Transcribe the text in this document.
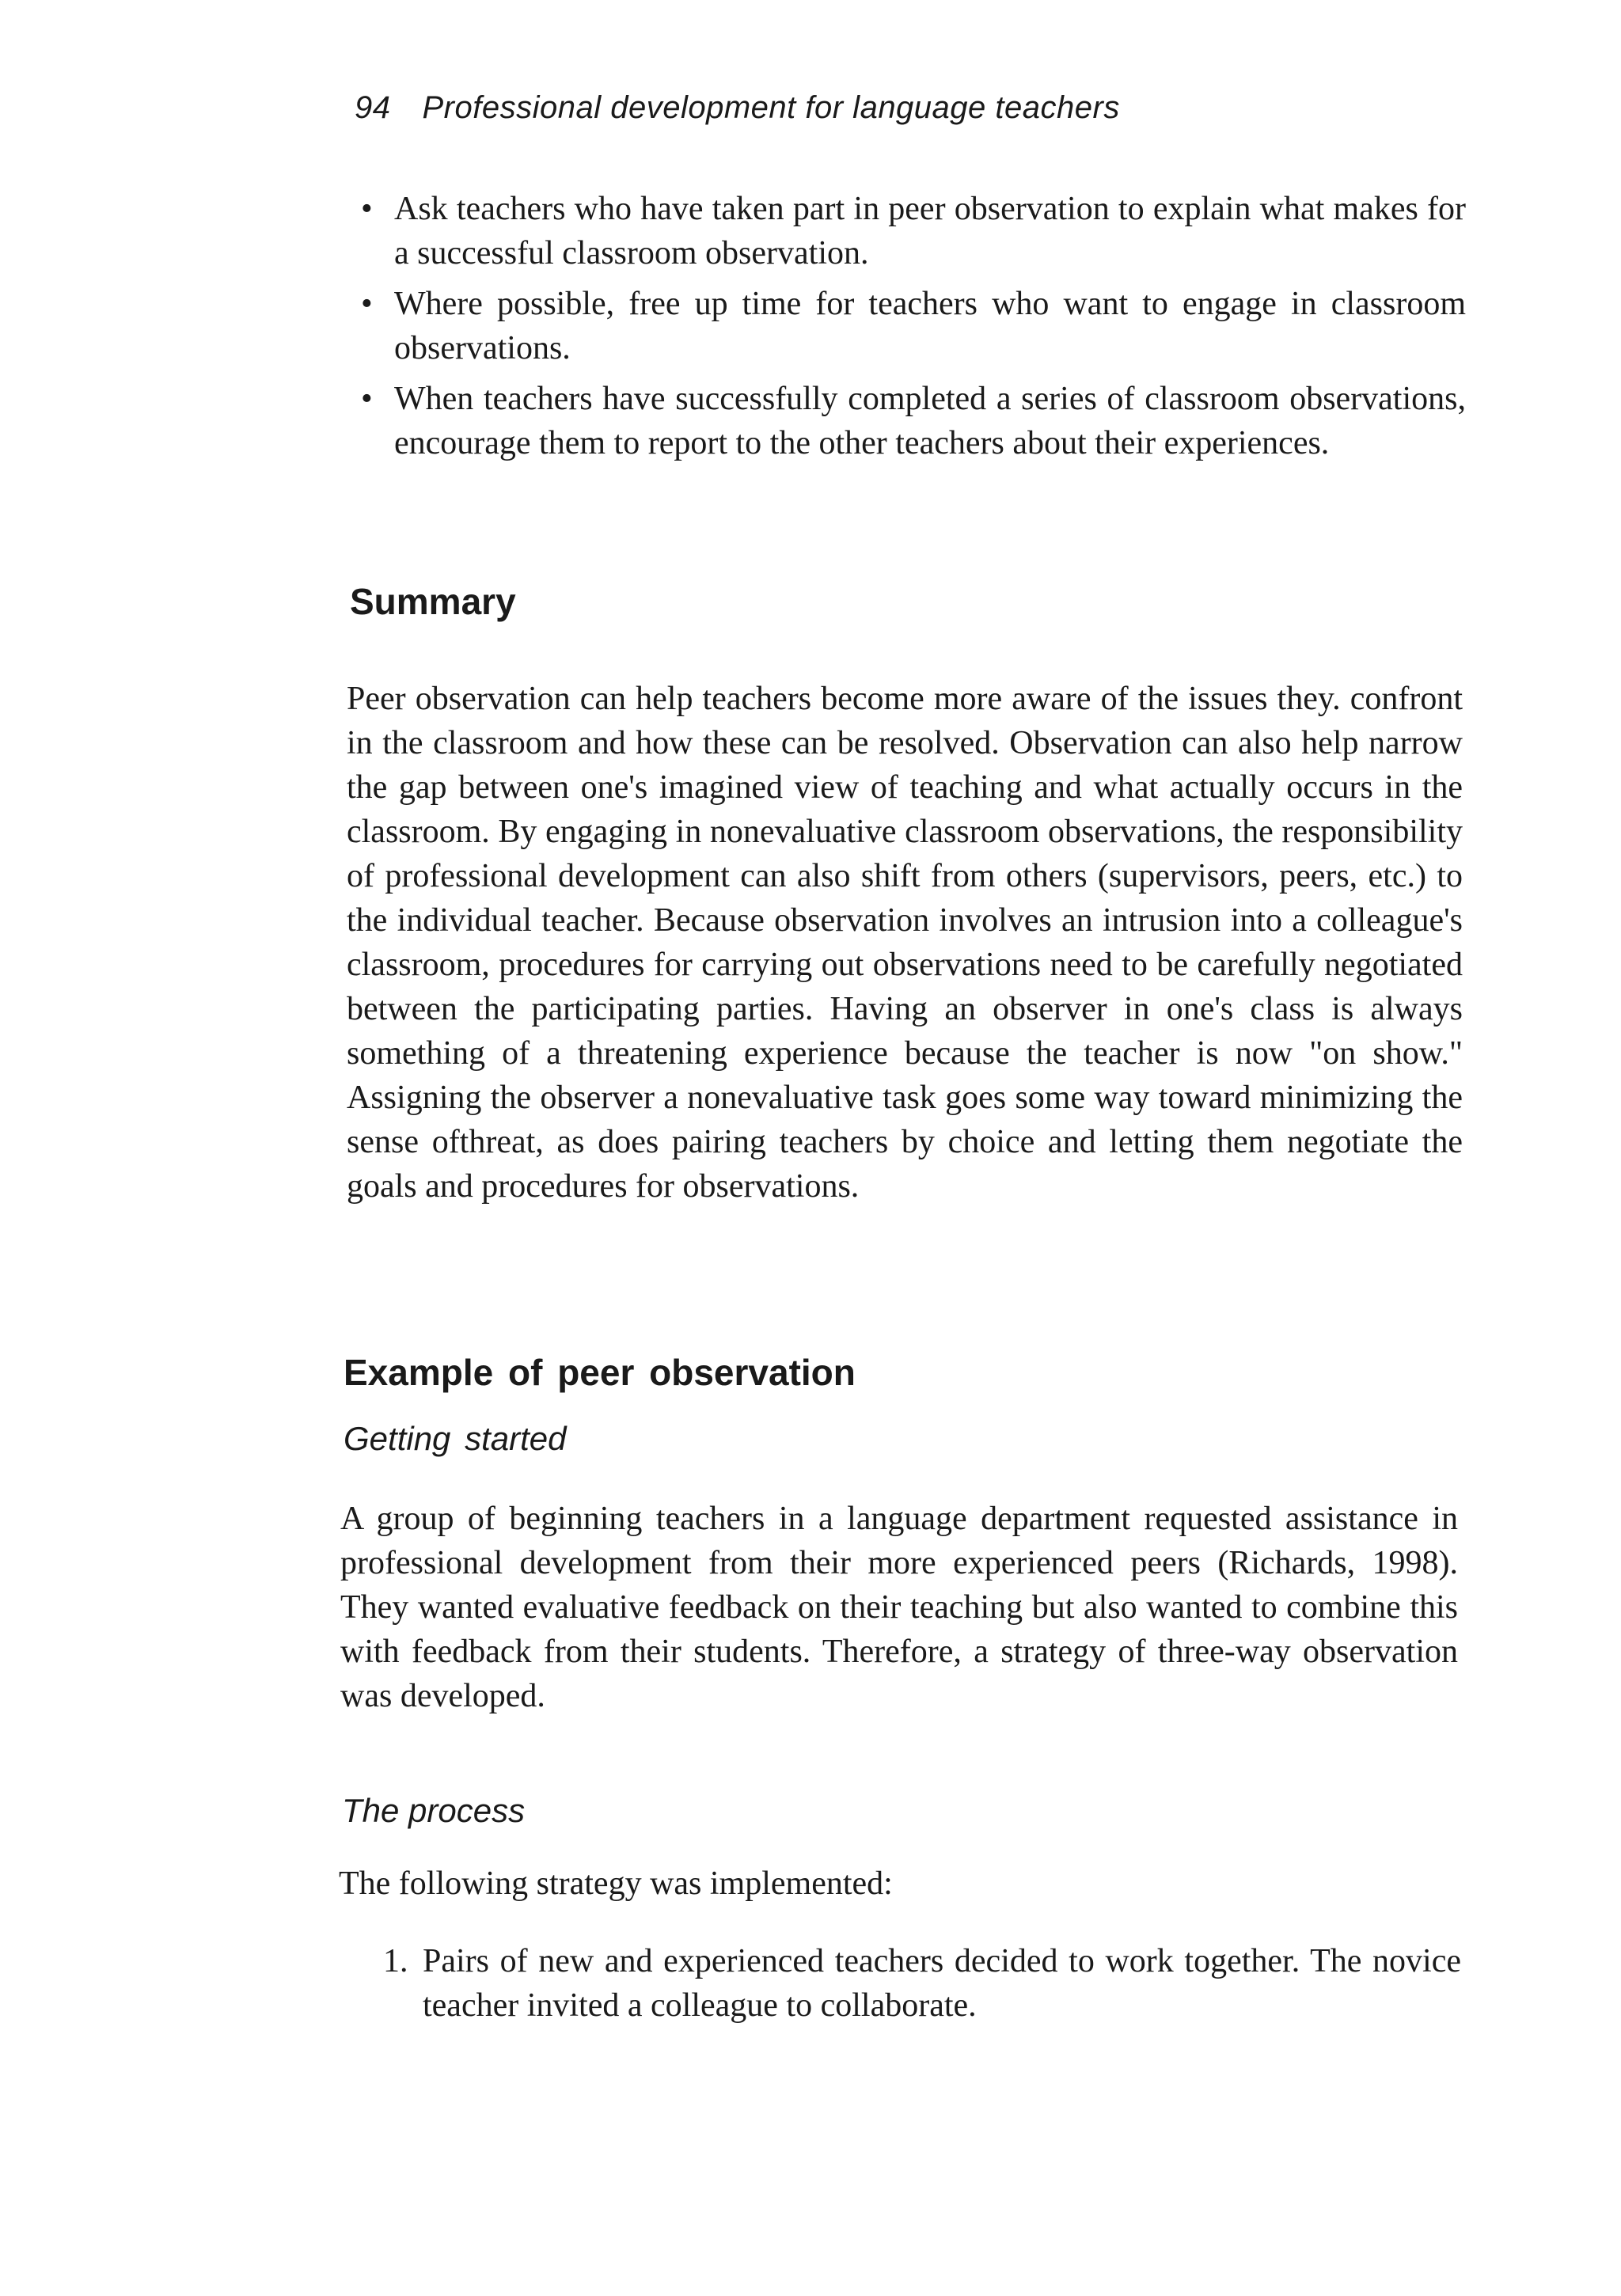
94 Professional development for language teachers
• Ask teachers who have taken part in peer observation to explain what makes for a successful classroom observation.
• Where possible, free up time for teachers who want to engage in classroom observations.
• When teachers have successfully completed a series of classroom observations, encourage them to report to the other teachers about their experiences.
Summary

Peer observation can help teachers become more aware of the issues they. confront in the classroom and how these can be resolved. Observation can also help narrow the gap between one's imagined view of teaching and what actually occurs in the classroom. By engaging in nonevaluative classroom observations, the responsibility of professional development can also shift from others (supervisors, peers, etc.) to the individual teacher. Because observation involves an intrusion into a colleague's classroom, procedures for carrying out observations need to be carefully negotiated between the participating parties. Having an observer in one's class is always something of a threatening experience because the teacher is now "on show." Assigning the observer a nonevaluative task goes some way toward minimizing the sense ofthreat, as does pairing teachers by choice and letting them negotiate the goals and procedures for observations.

Example of peer observation
Getting started

A group of beginning teachers in a language department requested assistance in professional development from their more experienced peers (Richards, 1998). They wanted evaluative feedback on their teaching but also wanted to combine this with feedback from their students. Therefore, a strategy of three-way observation was developed.

The process

The following strategy was implemented:

1. Pairs of new and experienced teachers decided to work together. The novice teacher invited a colleague to collaborate.
